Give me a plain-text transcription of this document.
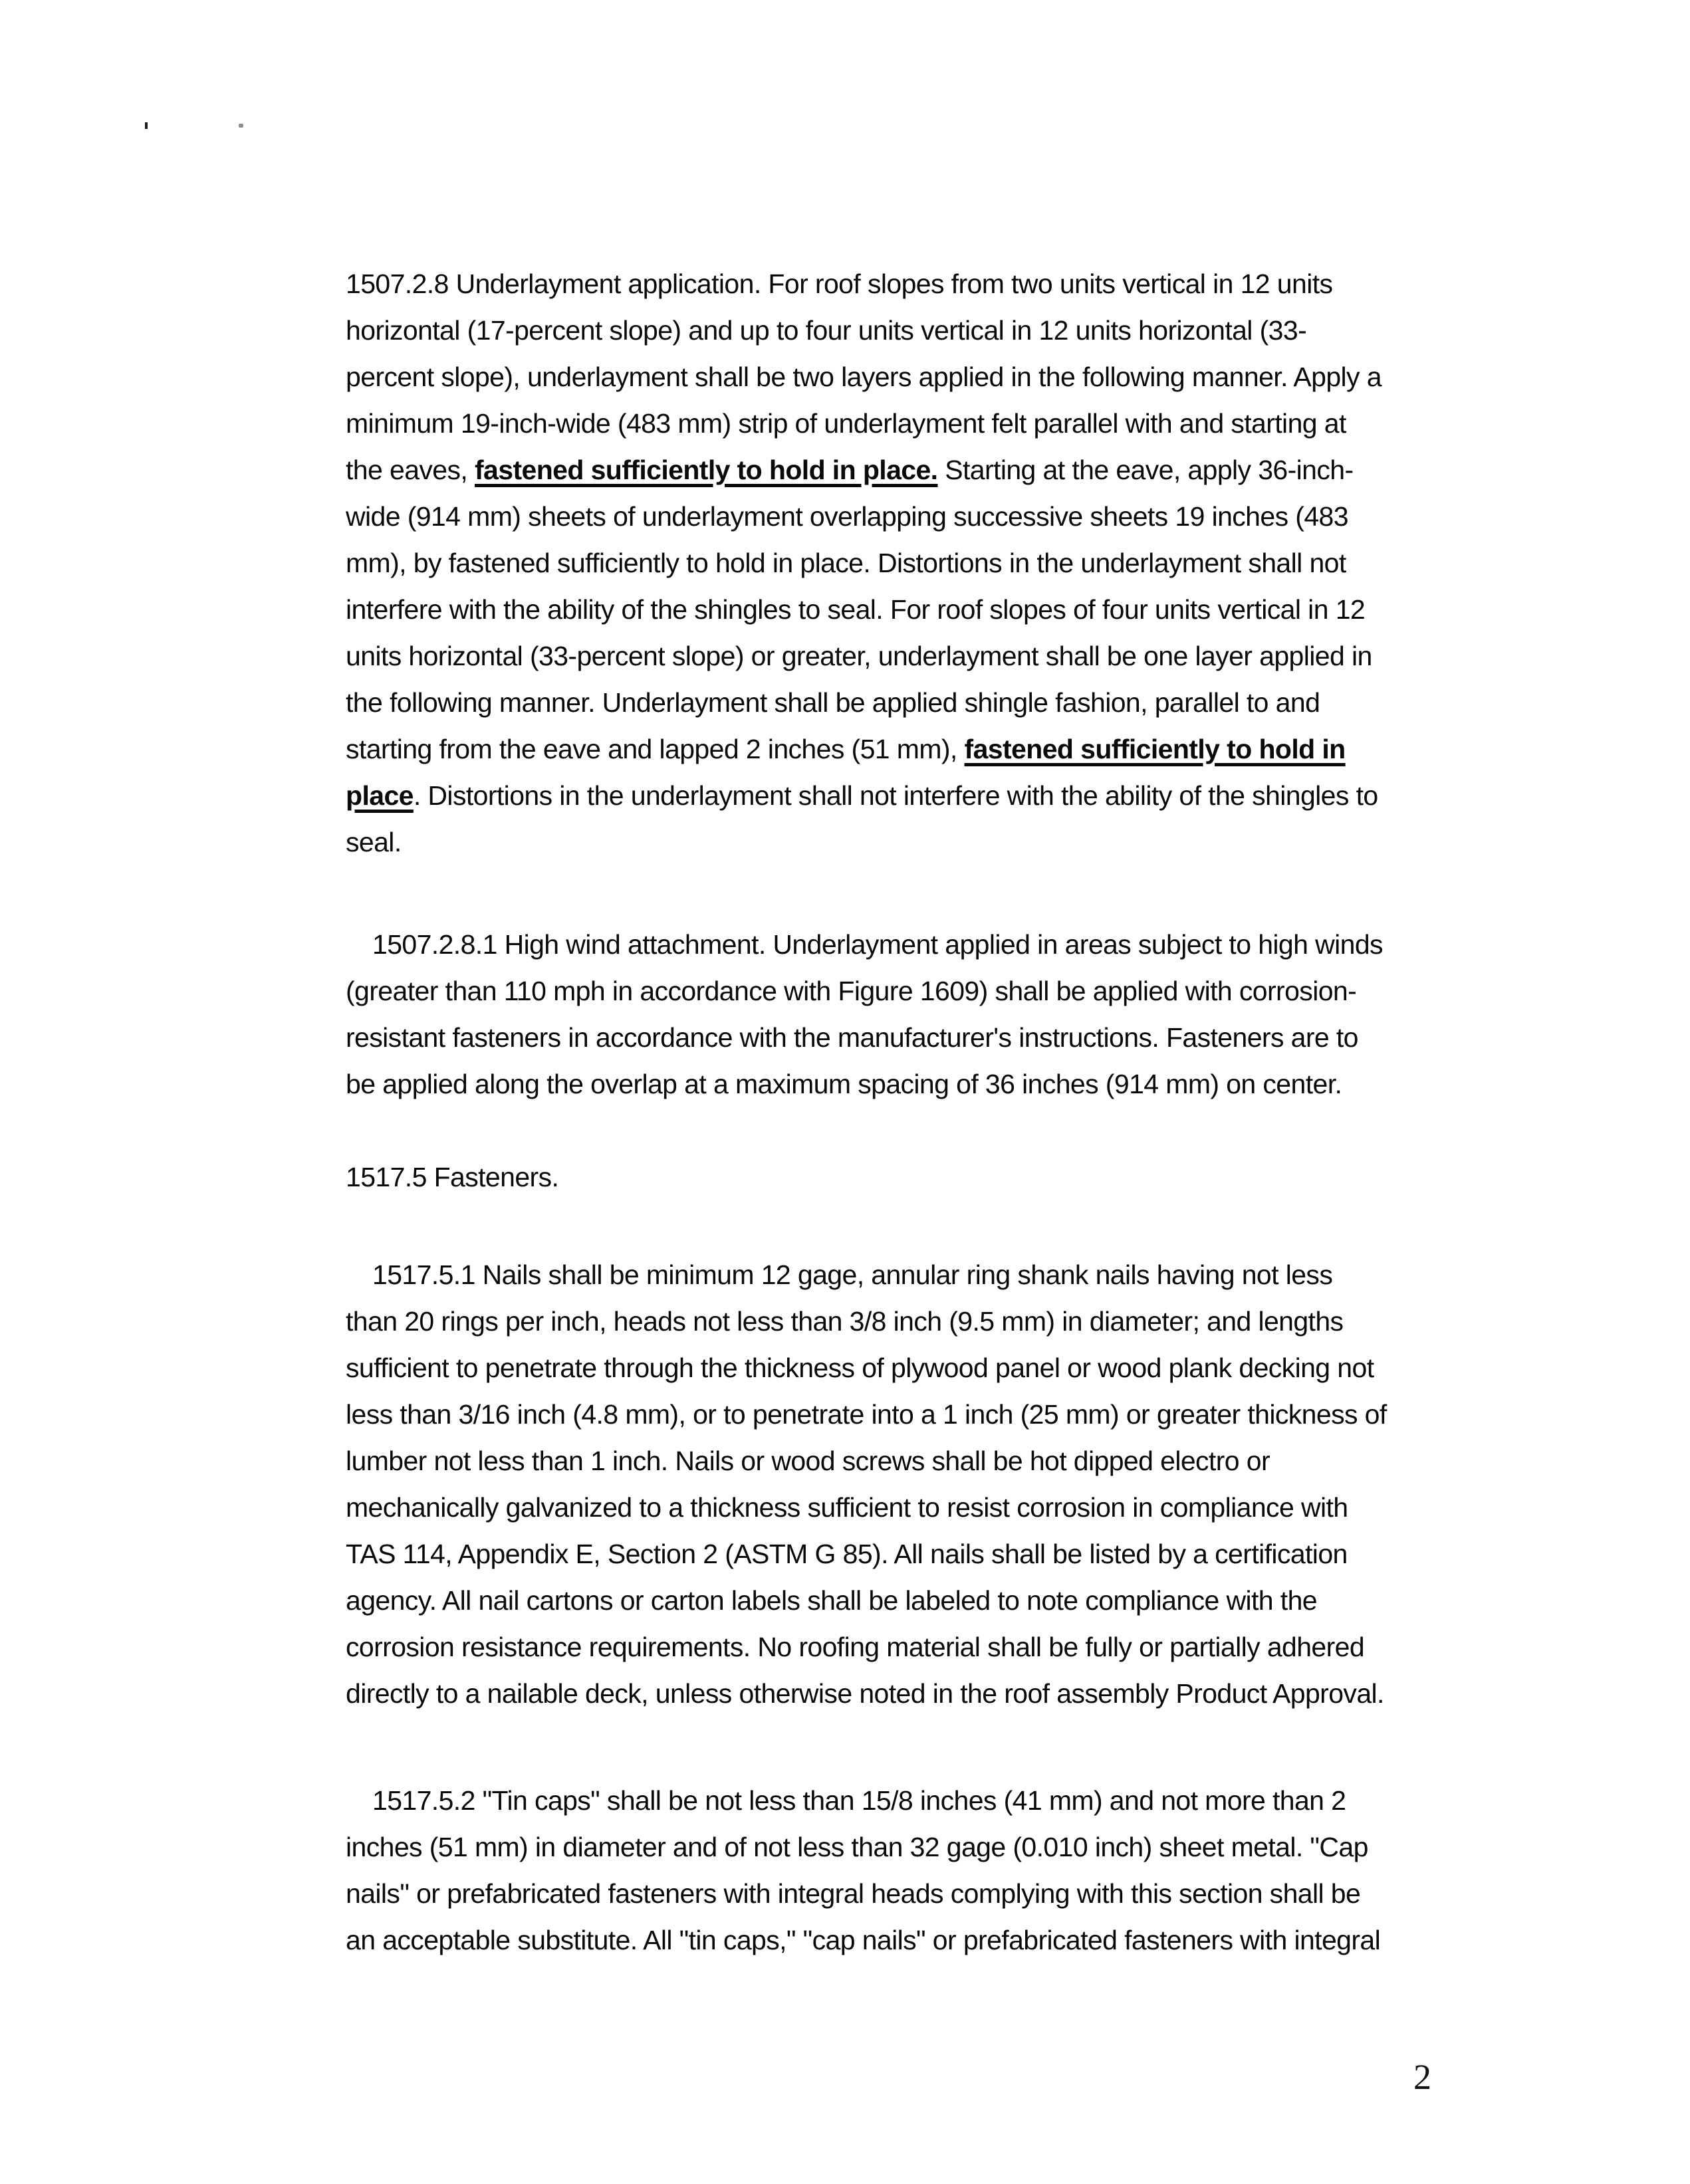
1507.2.8 Underlayment application. For roof slopes from two units vertical in 12 units
horizontal (17-percent slope) and up to four units vertical in 12 units horizontal (33-
percent slope), underlayment shall be two layers applied in the following manner. Apply a
minimum 19-inch-wide (483 mm) strip of underlayment felt parallel with and starting at
the eaves, fastened sufficiently to hold in place. Starting at the eave, apply 36-inch-
wide (914 mm) sheets of underlayment overlapping successive sheets 19 inches (483
mm), by fastened sufficiently to hold in place. Distortions in the underlayment shall not
interfere with the ability of the shingles to seal. For roof slopes of four units vertical in 12
units horizontal (33-percent slope) or greater, underlayment shall be one layer applied in
the following manner. Underlayment shall be applied shingle fashion, parallel to and
starting from the eave and lapped 2 inches (51 mm), fastened sufficiently to hold in
place. Distortions in the underlayment shall not interfere with the ability of the shingles to
seal.

1507.2.8.1 High wind attachment. Underlayment applied in areas subject to high winds
(greater than 110 mph in accordance with Figure 1609) shall be applied with corrosion-
resistant fasteners in accordance with the manufacturer's instructions. Fasteners are to
be applied along the overlap at a maximum spacing of 36 inches (914 mm) on center.

1517.5 Fasteners.

1517.5.1 Nails shall be minimum 12 gage, annular ring shank nails having not less
than 20 rings per inch, heads not less than 3/8 inch (9.5 mm) in diameter; and lengths
sufficient to penetrate through the thickness of plywood panel or wood plank decking not
less than 3/16 inch (4.8 mm), or to penetrate into a 1 inch (25 mm) or greater thickness of
lumber not less than 1 inch. Nails or wood screws shall be hot dipped electro or
mechanically galvanized to a thickness sufficient to resist corrosion in compliance with
TAS 114, Appendix E, Section 2 (ASTM G 85). All nails shall be listed by a certification
agency. All nail cartons or carton labels shall be labeled to note compliance with the
corrosion resistance requirements. No roofing material shall be fully or partially adhered
directly to a nailable deck, unless otherwise noted in the roof assembly Product Approval.

1517.5.2 "Tin caps" shall be not less than 15/8 inches (41 mm) and not more than 2
inches (51 mm) in diameter and of not less than 32 gage (0.010 inch) sheet metal. "Cap
nails" or prefabricated fasteners with integral heads complying with this section shall be
an acceptable substitute. All "tin caps," "cap nails" or prefabricated fasteners with integral

2
